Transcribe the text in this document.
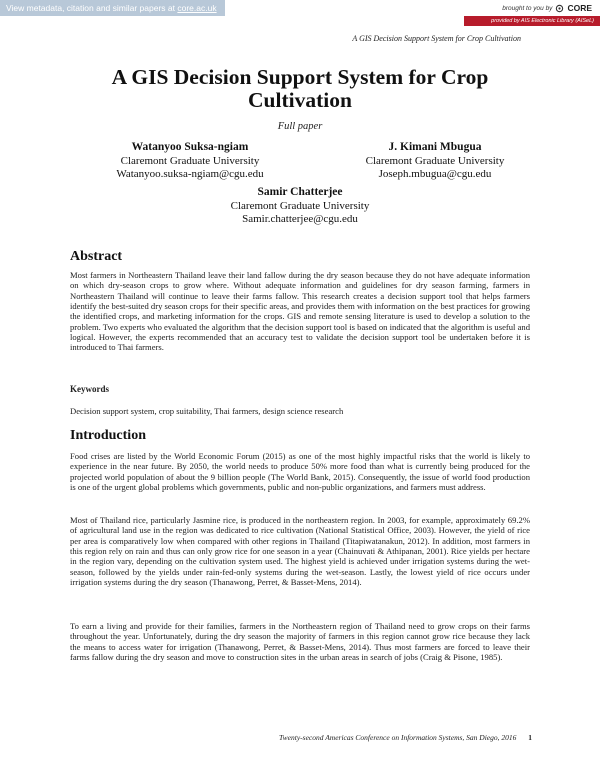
View metadata, citation and similar papers at core.ac.uk	brought to you by CORE
provided by AIS Electronic Library (AISeL)
A GIS Decision Support System for Crop Cultivation
A GIS Decision Support System for Crop Cultivation
Full paper
Watanyoo Suksa-ngiam
Claremont Graduate University
Watanyoo.suksa-ngiam@cgu.edu
J. Kimani Mbugua
Claremont Graduate University
Joseph.mbugua@cgu.edu
Samir Chatterjee
Claremont Graduate University
Samir.chatterjee@cgu.edu
Abstract

Most farmers in Northeastern Thailand leave their land fallow during the dry season because they do not have adequate information on which dry-season crops to grow where. Without adequate information and guidelines for dry season farming, farmers in Northeastern Thailand will continue to leave their farms fallow. This research creates a decision support tool that helps farmers identify the best-suited dry season crops for their specific areas, and provides them with information on the best practices for growing the identified crops, and marketing information for the crops. GIS and remote sensing literature is used to develop a solution to the problem. Two experts who evaluated the algorithm that the decision support tool is based on indicated that the algorithm is useful and logical. However, the experts recommended that an accuracy test to validate the decision support tool be undertaken before it is introduced to Thai farmers.

Keywords

Decision support system, crop suitability, Thai farmers, design science research

Introduction

Food crises are listed by the World Economic Forum (2015) as one of the most highly impactful risks that the world is likely to experience in the near future. By 2050, the world needs to produce 50% more food than what is currently being produced for the projected world population of about the 9 billion people (The World Bank, 2015). Consequently, the issue of world food production is one of the urgent global problems which governments, public and non-public organizations, and farmers must address.

Most of Thailand rice, particularly Jasmine rice, is produced in the northeastern region. In 2003, for example, approximately 69.2% of agricultural land use in the region was dedicated to rice cultivation (National Statistical Office, 2003). However, the yield of rice per area is comparatively low when compared with other regions in Thailand (Titapiwatanakun, 2012). In addition, most farmers in this region rely on rain and thus can only grow rice for one season in a year (Chainuvati & Athipanan, 2001). Rice yields per hectare in the region vary, depending on the cultivation system used. The highest yield is achieved under irrigation systems during the wet-season, followed by the yields under rain-fed-only systems during the wet-season. Lastly, the lowest yield of rice occurs under irrigation systems during the dry season (Thanawong, Perret, & Basset-Mens, 2014).

To earn a living and provide for their families, farmers in the Northeastern region of Thailand need to grow crops on their farms throughout the year. Unfortunately, during the dry season the majority of farmers in this region cannot grow rice because they lack the means to access water for irrigation (Thanawong, Perret, & Basset-Mens, 2014). Thus most farmers are forced to leave their farms fallow during the dry season and move to construction sites in the urban areas in search of jobs (Craig & Pisone, 1985).

Twenty-second Americas Conference on Information Systems, San Diego, 2016 1
